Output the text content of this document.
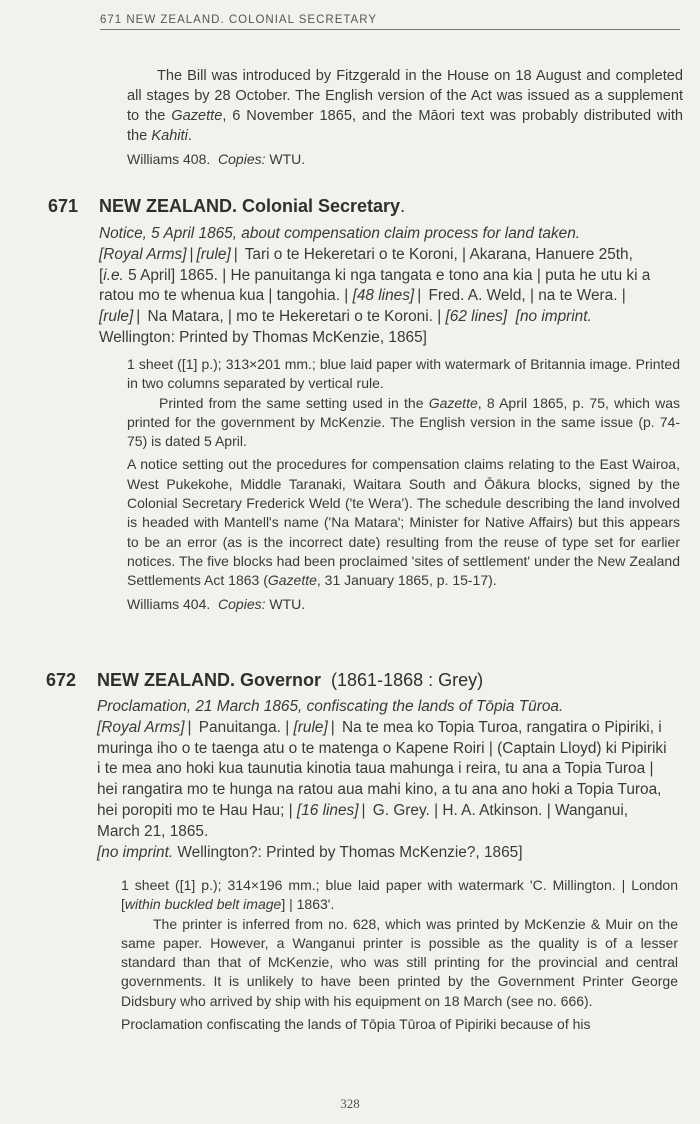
671 NEW ZEALAND. COLONIAL SECRETARY

The Bill was introduced by Fitzgerald in the House on 18 August and completed all stages by 28 October. The English version of the Act was issued as a supplement to the Gazette, 6 November 1865, and the Māori text was probably distributed with the Kahiti.

Williams 408. Copies: WTU.

671 NEW ZEALAND. Colonial Secretary.
Notice, 5 April 1865, about compensation claim process for land taken.
[Royal Arms] | [rule] | Tari o te Hekeretari o te Koroni, | Akarana, Hanuere 25th, [i.e. 5 April] 1865. | He panuitanga ki nga tangata e tono ana kia | puta he utu ki a ratou mo te whenua kua | tangohia. | [48 lines] | Fred. A. Weld, | na te Wera. | [rule] | Na Matara, | mo te Hekeretari o te Koroni. | [62 lines] [no imprint. Wellington: Printed by Thomas McKenzie, 1865]

1 sheet ([1] p.); 313×201 mm.; blue laid paper with watermark of Britannia image. Printed in two columns separated by vertical rule.

Printed from the same setting used in the Gazette, 8 April 1865, p. 75, which was printed for the government by McKenzie. The English version in the same issue (p. 74-75) is dated 5 April.

A notice setting out the procedures for compensation claims relating to the East Wairoa, West Pukekohe, Middle Taranaki, Waitara South and Ōākura blocks, signed by the Colonial Secretary Frederick Weld ('te Wera'). The schedule describing the land involved is headed with Mantell's name ('Na Matara'; Minister for Native Affairs) but this appears to be an error (as is the incorrect date) resulting from the reuse of type set for earlier notices. The five blocks had been proclaimed 'sites of settlement' under the New Zealand Settlements Act 1863 (Gazette, 31 January 1865, p. 15-17).

Williams 404. Copies: WTU.

672 NEW ZEALAND. Governor (1861-1868 : Grey)
Proclamation, 21 March 1865, confiscating the lands of Tōpia Tūroa.
[Royal Arms] | Panuitanga. | [rule] | Na te mea ko Topia Turoa, rangatira o Pipiriki, i muringa iho o te taenga atu o te matenga o Kapene Roiri | (Captain Lloyd) ki Pipiriki i te mea ano hoki kua taunutia kinotia taua mahunga i reira, tu ana a Topia Turoa | hei rangatira mo te hunga na ratou aua mahi kino, a tu ana ano hoki a Topia Turoa, hei poropiti mo te Hau Hau; | [16 lines] | G. Grey. | H. A. Atkinson. | Wanganui, March 21, 1865.
[no imprint. Wellington?: Printed by Thomas McKenzie?, 1865]

1 sheet ([1] p.); 314×196 mm.; blue laid paper with watermark 'C. Millington. | London [within buckled belt image] | 1863'.

The printer is inferred from no. 628, which was printed by McKenzie & Muir on the same paper. However, a Wanganui printer is possible as the quality is of a lesser standard than that of McKenzie, who was still printing for the provincial and central governments. It is unlikely to have been printed by the Government Printer George Didsbury who arrived by ship with his equipment on 18 March (see no. 666).

Proclamation confiscating the lands of Tōpia Tūroa of Pipiriki because of his

328
